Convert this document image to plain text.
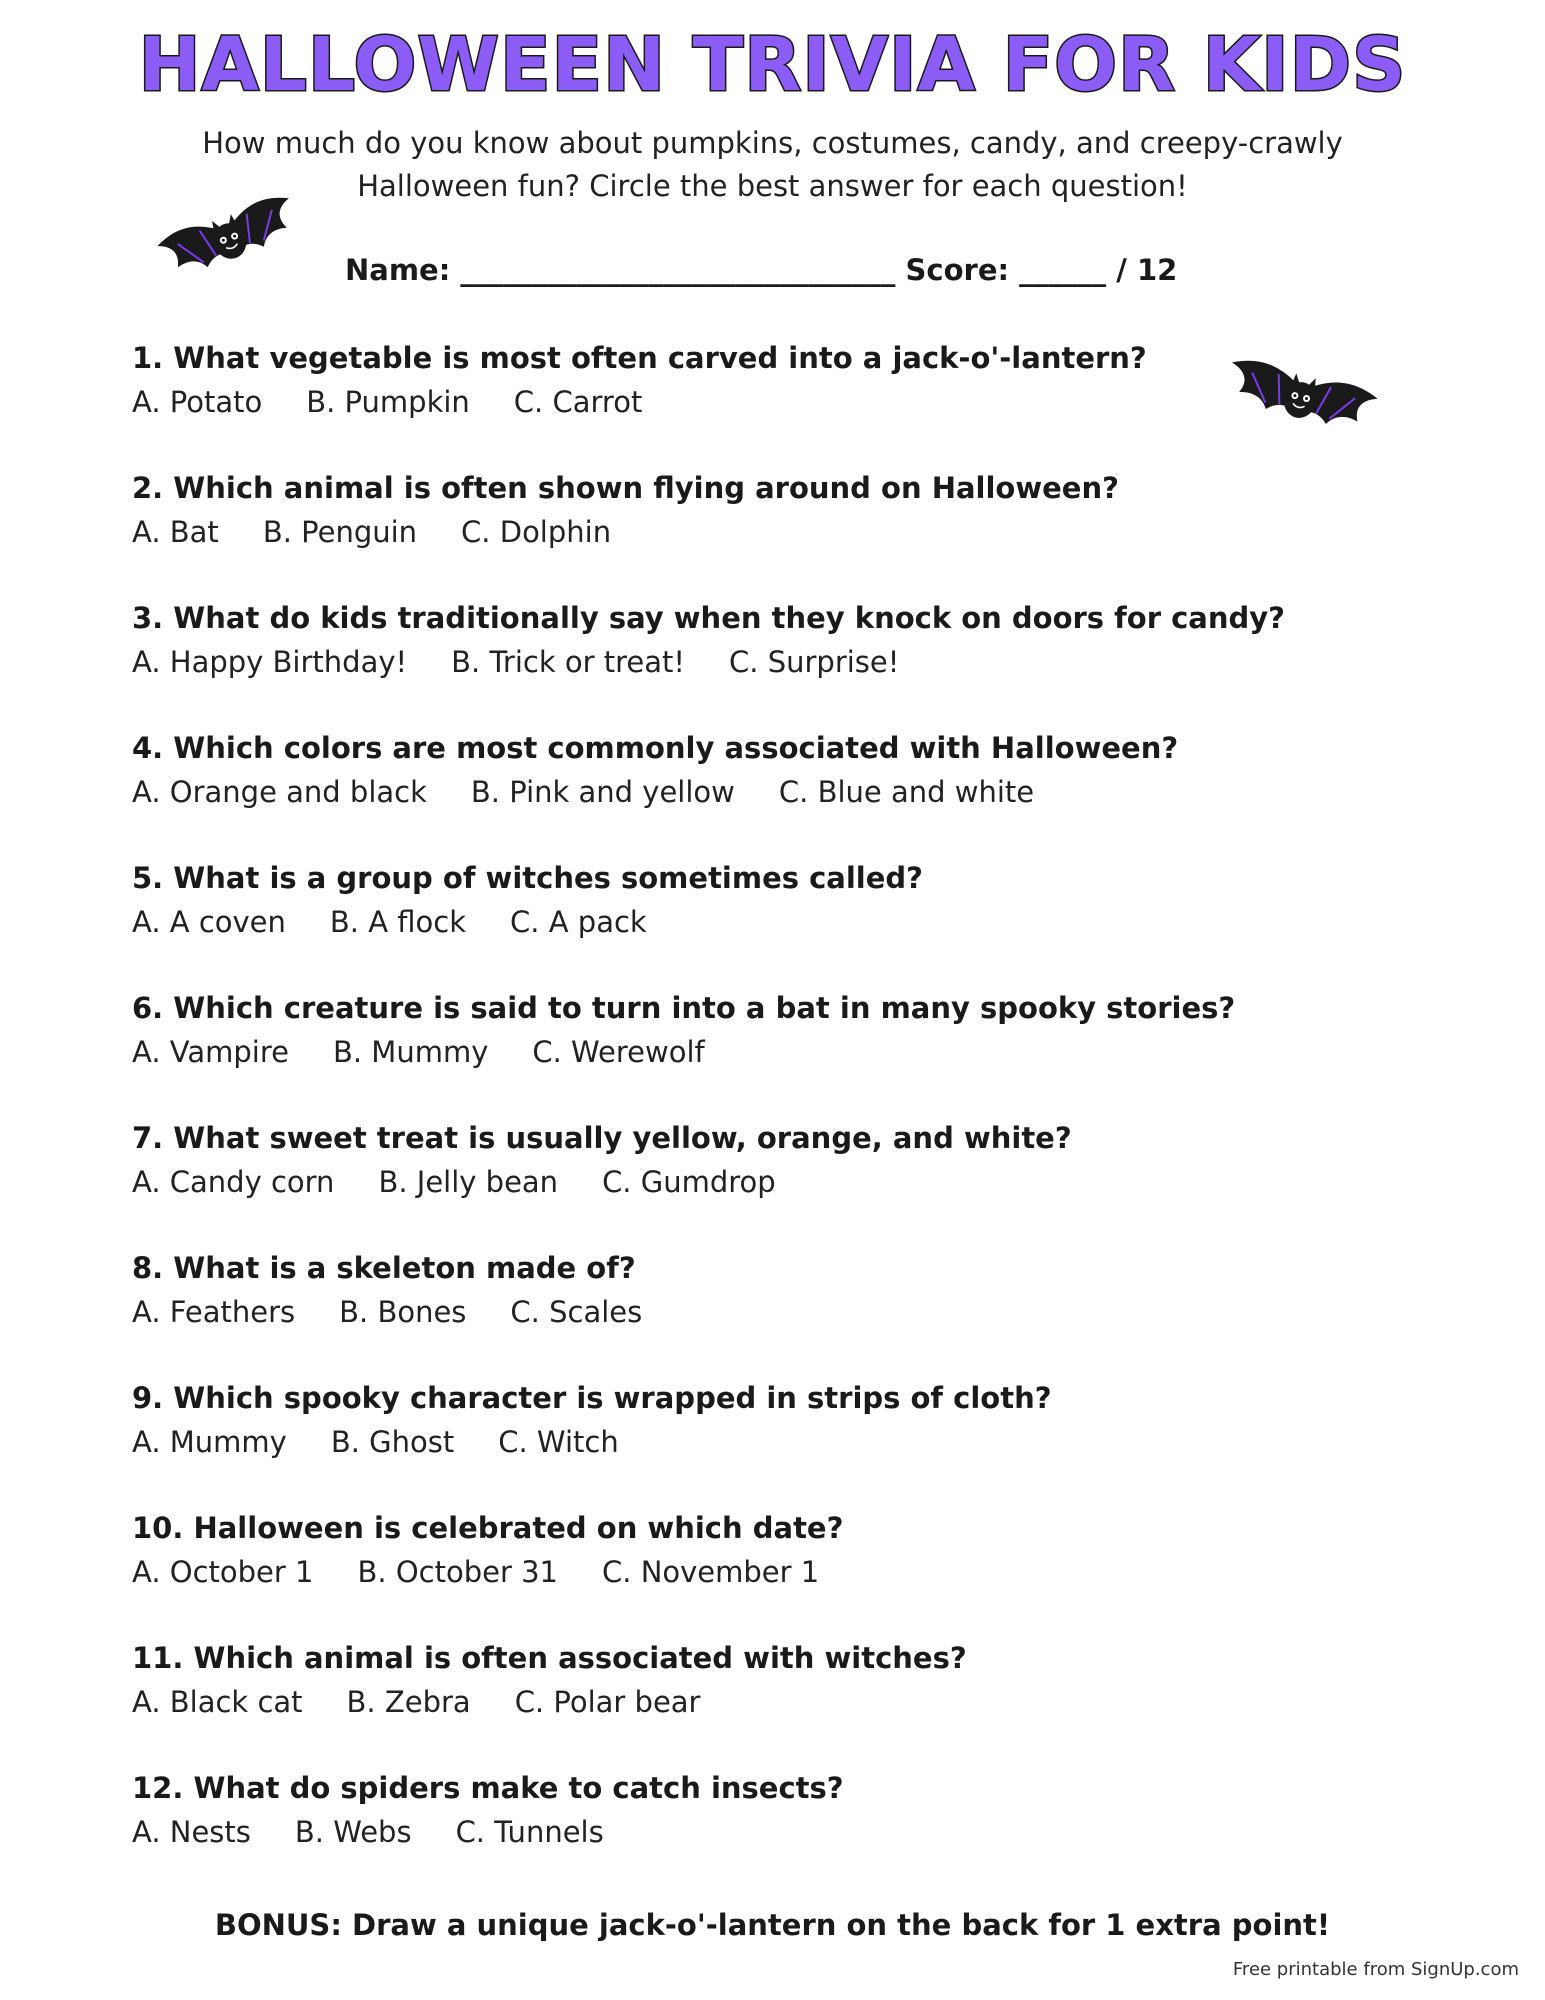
HALLOWEEN TRIVIA FOR KIDS

How much do you know about pumpkins, costumes, candy, and creepy-crawly
Halloween fun? Circle the best answer for each question!

Name: ______________________________ Score: ______ / 12

1. What vegetable is most often carved into a jack-o'-lantern?

A. Potato B. Pumpkin C. Carrot

2. Which animal is often shown flying around on Halloween?

A. Bat B. Penguin C. Dolphin

3. What do kids traditionally say when they knock on doors for candy?

A. Happy Birthday! B. Trick or treat! C. Surprise!

4. Which colors are most commonly associated with Halloween?

A. Orange and black B. Pink and yellow C. Blue and white

5. What is a group of witches sometimes called?

A. A coven B. A flock C. A pack

6. Which creature is said to turn into a bat in many spooky stories?

A. Vampire B. Mummy C. Werewolf

7. What sweet treat is usually yellow, orange, and white?

A. Candy corn B. Jelly bean C. Gumdrop

8. What is a skeleton made of?

A. Feathers B. Bones C. Scales

9. Which spooky character is wrapped in strips of cloth?

A. Mummy B. Ghost C. Witch

10. Halloween is celebrated on which date?

A. October 1 B. October 31 C. November 1

11. Which animal is often associated with witches?

A. Black cat B. Zebra C. Polar bear

12. What do spiders make to catch insects?

A. Nests B. Webs C. Tunnels

BONUS: Draw a unique jack-o'-lantern on the back for 1 extra point!

Free printable from SignUp.com
